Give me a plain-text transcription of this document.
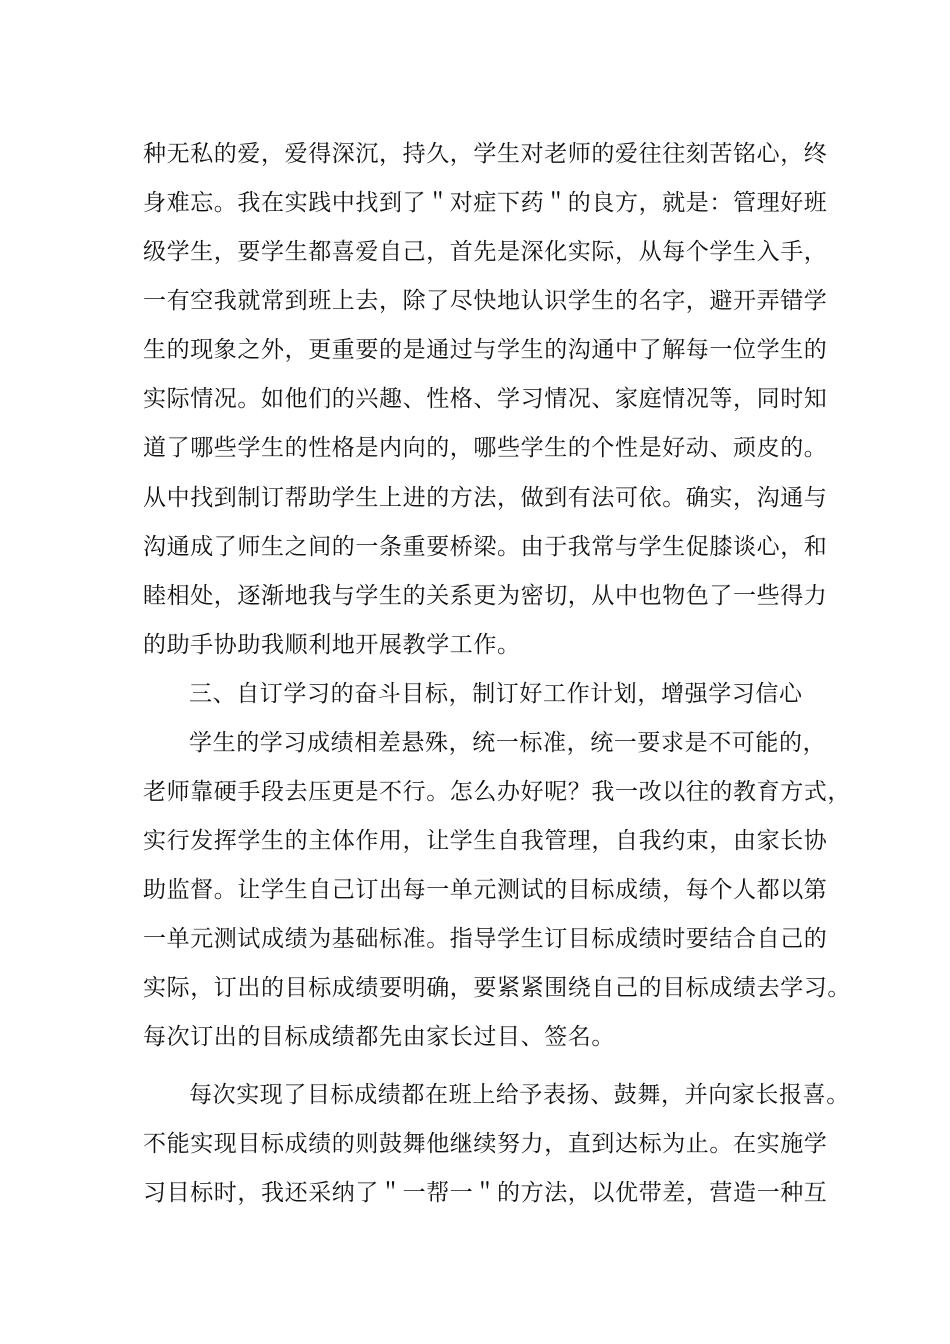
种无私的爱，爱得深沉，持久，学生对老师的爱往往刻苦铭心，终
身难忘。我在实践中找到了＂对症下药＂的良方，就是：管理好班
级学生，要学生都喜爱自己，首先是深化实际，从每个学生入手，
一有空我就常到班上去，除了尽快地认识学生的名字，避开弄错学
生的现象之外，更重要的是通过与学生的沟通中了解每一位学生的
实际情况。如他们的兴趣、性格、学习情况、家庭情况等，同时知
道了哪些学生的性格是内向的，哪些学生的个性是好动、顽皮的。
从中找到制订帮助学生上进的方法，做到有法可依。确实，沟通与
沟通成了师生之间的一条重要桥梁。由于我常与学生促膝谈心，和
睦相处，逐渐地我与学生的关系更为密切，从中也物色了一些得力
的助手协助我顺利地开展教学工作。
三、自订学习的奋斗目标，制订好工作计划，增强学习信心
学生的学习成绩相差悬殊，统一标准，统一要求是不可能的，
老师靠硬手段去压更是不行。怎么办好呢？我一改以往的教育方式，
实行发挥学生的主体作用，让学生自我管理，自我约束，由家长协
助监督。让学生自己订出每一单元测试的目标成绩，每个人都以第
一单元测试成绩为基础标准。指导学生订目标成绩时要结合自己的
实际，订出的目标成绩要明确，要紧紧围绕自己的目标成绩去学习。
每次订出的目标成绩都先由家长过目、签名。
每次实现了目标成绩都在班上给予表扬、鼓舞，并向家长报喜。
不能实现目标成绩的则鼓舞他继续努力，直到达标为止。在实施学
习目标时，我还采纳了＂一帮一＂的方法，以优带差，营造一种互
